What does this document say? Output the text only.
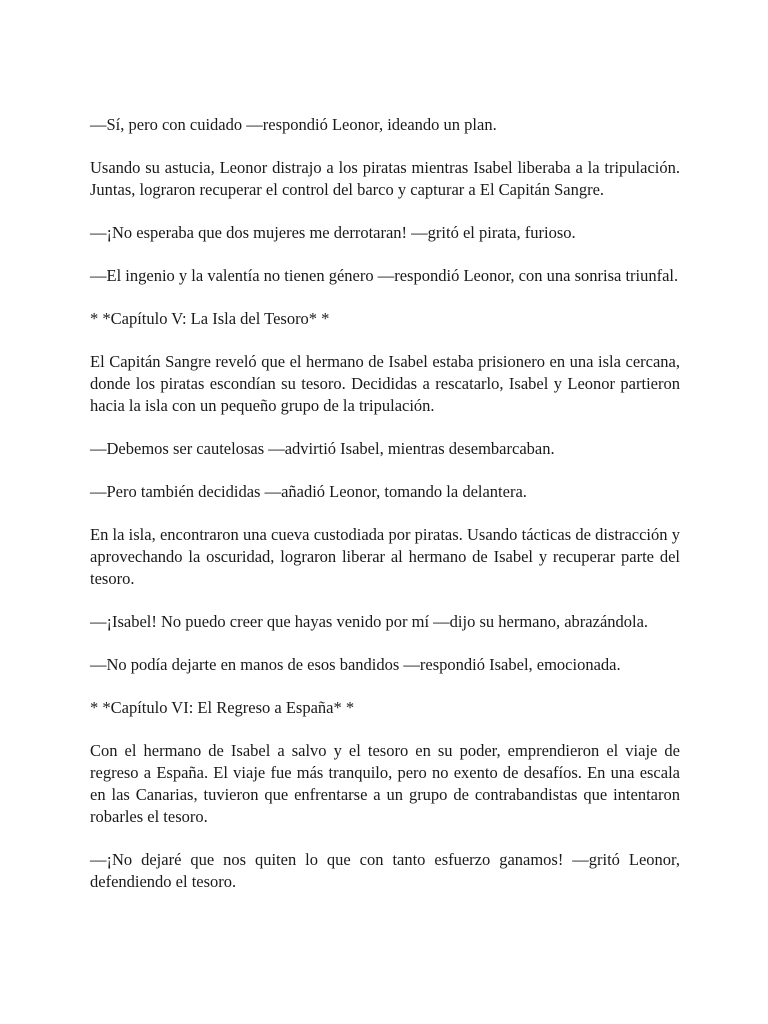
—Sí, pero con cuidado —respondió Leonor, ideando un plan.

Usando su astucia, Leonor distrajo a los piratas mientras Isabel liberaba a la tripulación. Juntas, lograron recuperar el control del barco y capturar a El Capitán Sangre.

—¡No esperaba que dos mujeres me derrotaran! —gritó el pirata, furioso.

—El ingenio y la valentía no tienen género —respondió Leonor, con una sonrisa triunfal.

* *Capítulo V: La Isla del Tesoro* *

El Capitán Sangre reveló que el hermano de Isabel estaba prisionero en una isla cercana, donde los piratas escondían su tesoro. Decididas a rescatarlo, Isabel y Leonor partieron hacia la isla con un pequeño grupo de la tripulación.

—Debemos ser cautelosas —advirtió Isabel, mientras desembarcaban.

—Pero también decididas —añadió Leonor, tomando la delantera.

En la isla, encontraron una cueva custodiada por piratas. Usando tácticas de distracción y aprovechando la oscuridad, lograron liberar al hermano de Isabel y recuperar parte del tesoro.

—¡Isabel! No puedo creer que hayas venido por mí —dijo su hermano, abrazándola.

—No podía dejarte en manos de esos bandidos —respondió Isabel, emocionada.

* *Capítulo VI: El Regreso a España* *

Con el hermano de Isabel a salvo y el tesoro en su poder, emprendieron el viaje de regreso a España. El viaje fue más tranquilo, pero no exento de desafíos. En una escala en las Canarias, tuvieron que enfrentarse a un grupo de contrabandistas que intentaron robarles el tesoro.

—¡No dejaré que nos quiten lo que con tanto esfuerzo ganamos! —gritó Leonor, defendiendo el tesoro.
